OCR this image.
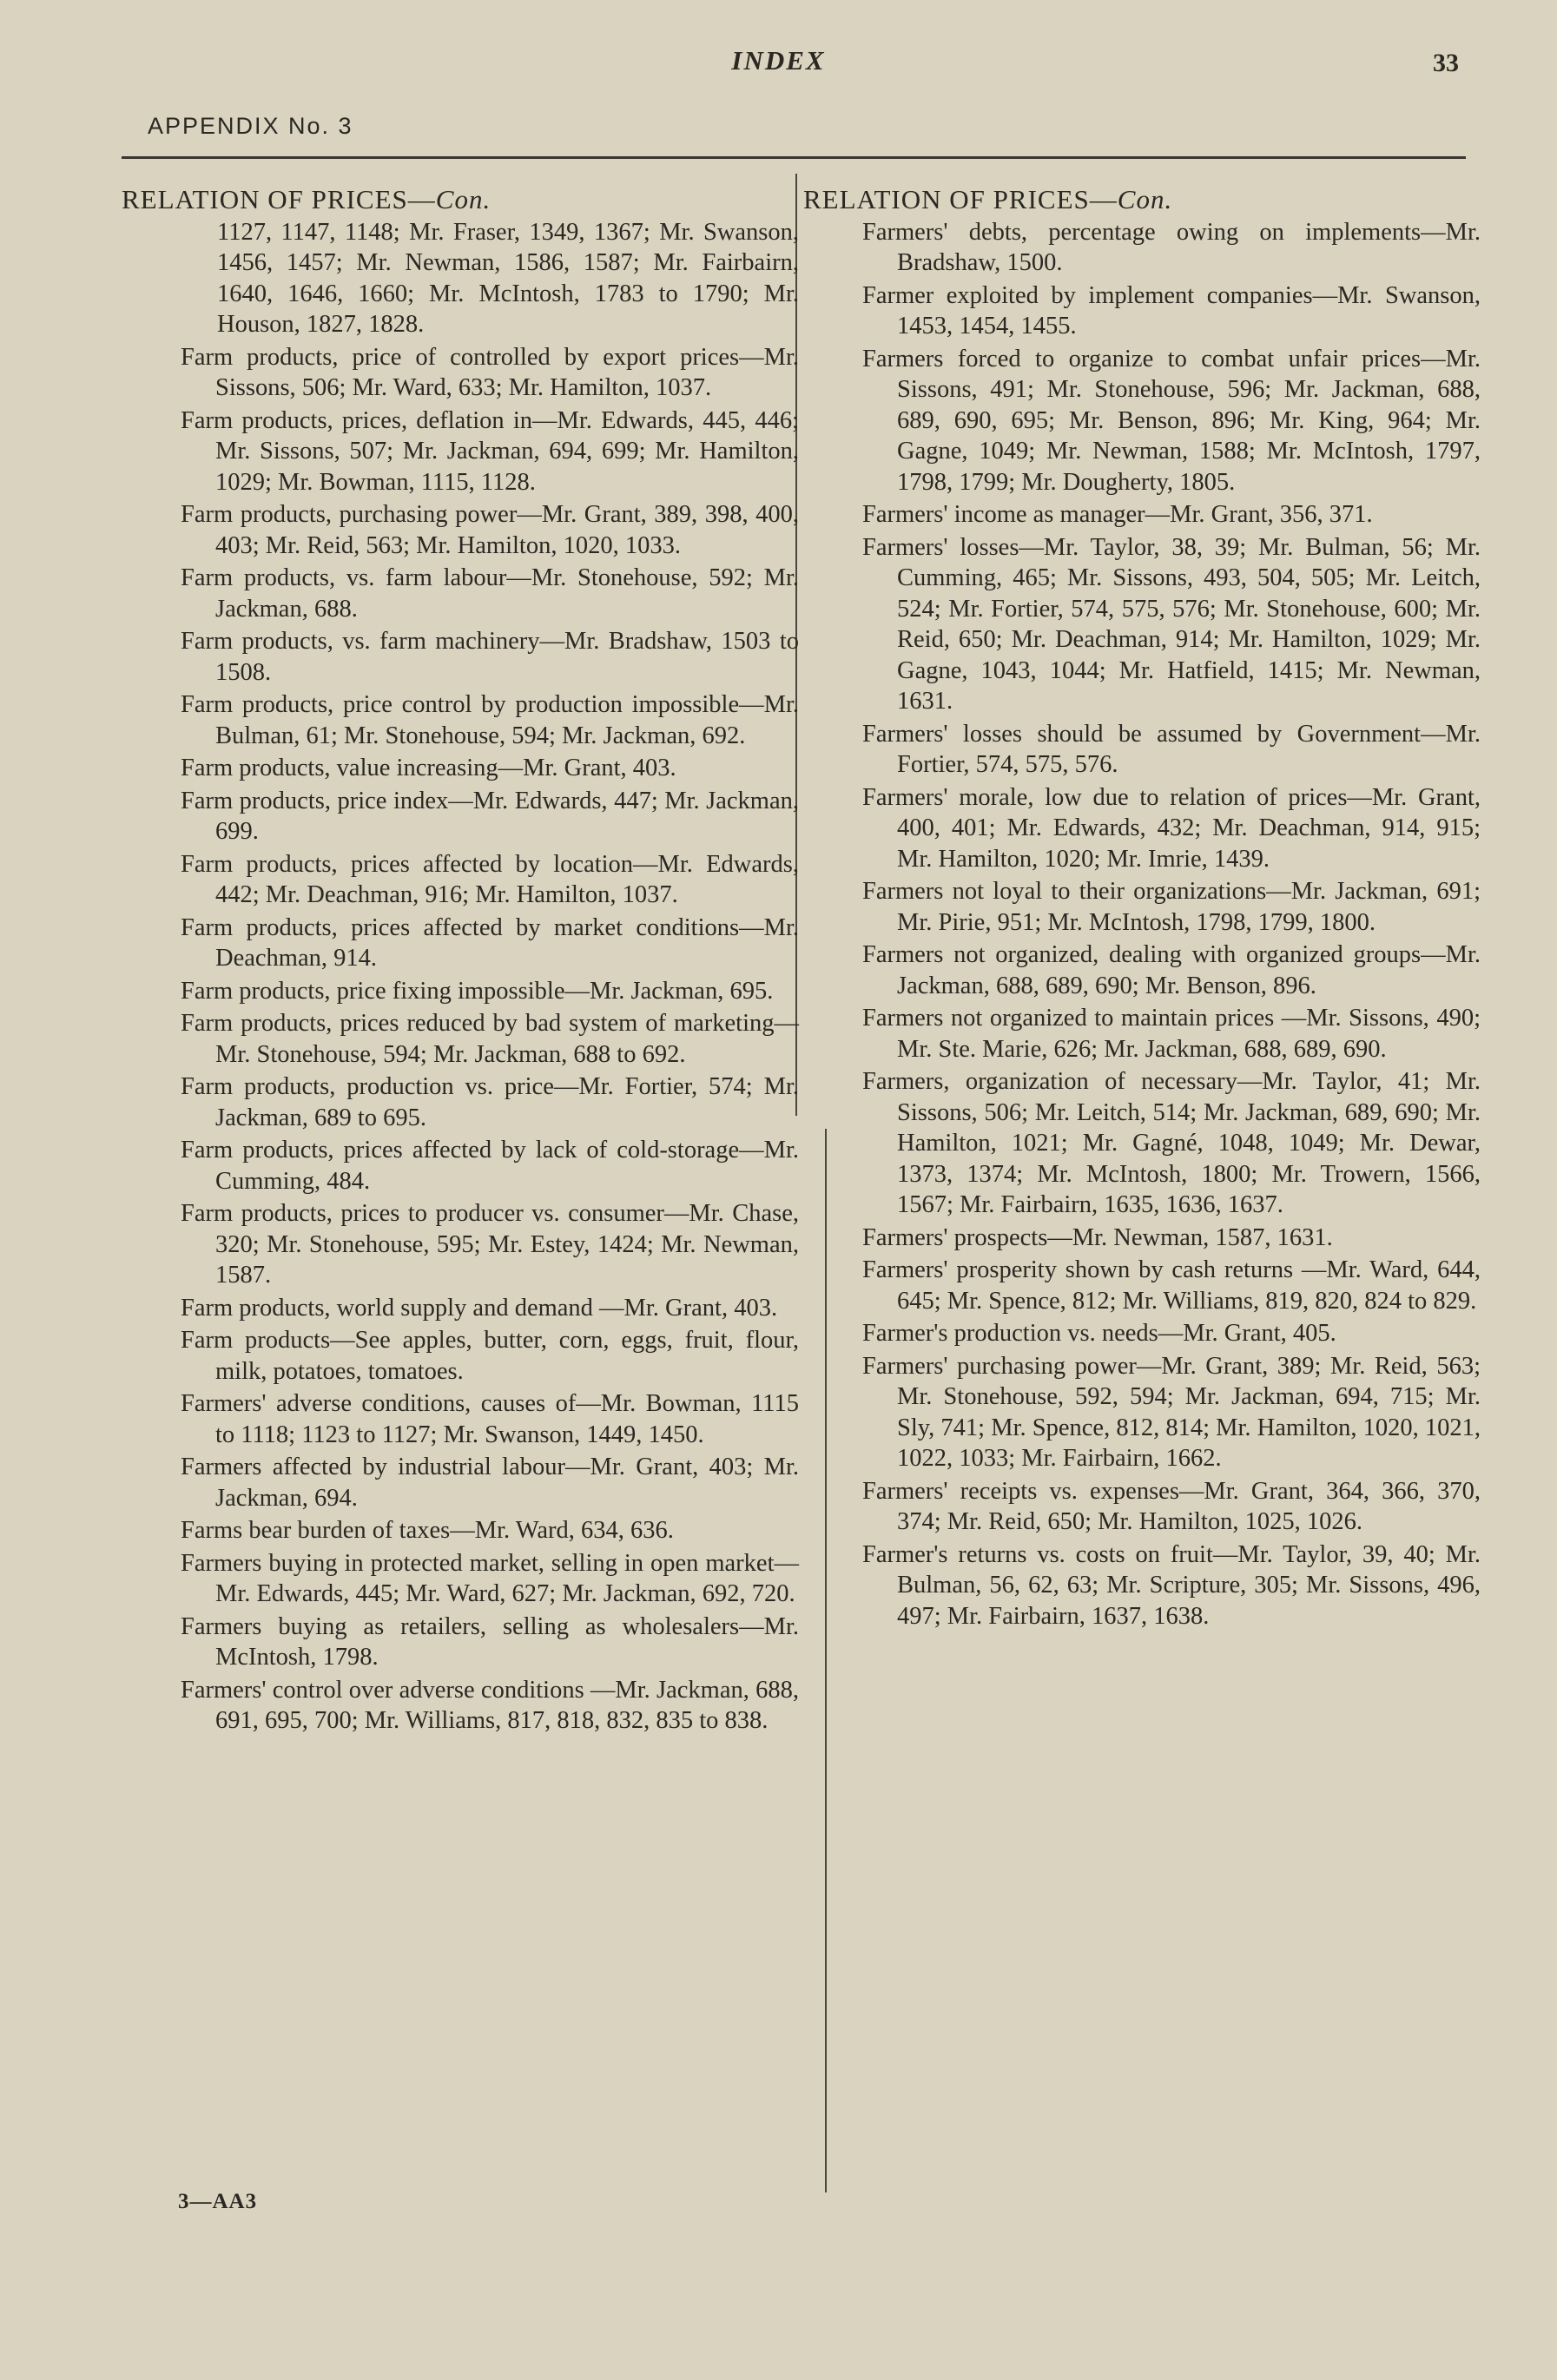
INDEX	33
APPENDIX No. 3
RELATION OF PRICES—Con.
1127, 1147, 1148; Mr. Fraser, 1349, 1367; Mr. Swanson, 1456, 1457; Mr. Newman, 1586, 1587; Mr. Fairbairn, 1640, 1646, 1660; Mr. McIntosh, 1783 to 1790; Mr. Houson, 1827, 1828.
Farm products, price of controlled by export prices—Mr. Sissons, 506; Mr. Ward, 633; Mr. Hamilton, 1037.
Farm products, prices, deflation in—Mr. Edwards, 445, 446; Mr. Sissons, 507; Mr. Jackman, 694, 699; Mr. Hamilton, 1029; Mr. Bowman, 1115, 1128.
Farm products, purchasing power—Mr. Grant, 389, 398, 400, 403; Mr. Reid, 563; Mr. Hamilton, 1020, 1033.
Farm products, vs. farm labour—Mr. Stonehouse, 592; Mr. Jackman, 688.
Farm products, vs. farm machinery—Mr. Bradshaw, 1503 to 1508.
Farm products, price control by production impossible—Mr. Bulman, 61; Mr. Stonehouse, 594; Mr. Jackman, 692.
Farm products, value increasing—Mr. Grant, 403.
Farm products, price index—Mr. Edwards, 447; Mr. Jackman, 699.
Farm products, prices affected by location—Mr. Edwards, 442; Mr. Deachman, 916; Mr. Hamilton, 1037.
Farm products, prices affected by market conditions—Mr. Deachman, 914.
Farm products, price fixing impossible—Mr. Jackman, 695.
Farm products, prices reduced by bad system of marketing—Mr. Stonehouse, 594; Mr. Jackman, 688 to 692.
Farm products, production vs. price—Mr. Fortier, 574; Mr. Jackman, 689 to 695.
Farm products, prices affected by lack of cold-storage—Mr. Cumming, 484.
Farm products, prices to producer vs. consumer—Mr. Chase, 320; Mr. Stonehouse, 595; Mr. Estey, 1424; Mr. Newman, 1587.
Farm products, world supply and demand —Mr. Grant, 403.
Farm products—See apples, butter, corn, eggs, fruit, flour, milk, potatoes, tomatoes.
Farmers' adverse conditions, causes of—Mr. Bowman, 1115 to 1118; 1123 to 1127; Mr. Swanson, 1449, 1450.
Farmers affected by industrial labour—Mr. Grant, 403; Mr. Jackman, 694.
Farms bear burden of taxes—Mr. Ward, 634, 636.
Farmers buying in protected market, selling in open market—Mr. Edwards, 445; Mr. Ward, 627; Mr. Jackman, 692, 720.
Farmers buying as retailers, selling as wholesalers—Mr. McIntosh, 1798.
Farmers' control over adverse conditions —Mr. Jackman, 688, 691, 695, 700; Mr. Williams, 817, 818, 832, 835 to 838.
RELATION OF PRICES—Con.
Farmers' debts, percentage owing on implements—Mr. Bradshaw, 1500.
Farmer exploited by implement companies—Mr. Swanson, 1453, 1454, 1455.
Farmers forced to organize to combat unfair prices—Mr. Sissons, 491; Mr. Stonehouse, 596; Mr. Jackman, 688, 689, 690, 695; Mr. Benson, 896; Mr. King, 964; Mr. Gagne, 1049; Mr. Newman, 1588; Mr. McIntosh, 1797, 1798, 1799; Mr. Dougherty, 1805.
Farmers' income as manager—Mr. Grant, 356, 371.
Farmers' losses—Mr. Taylor, 38, 39; Mr. Bulman, 56; Mr. Cumming, 465; Mr. Sissons, 493, 504, 505; Mr. Leitch, 524; Mr. Fortier, 574, 575, 576; Mr. Stonehouse, 600; Mr. Reid, 650; Mr. Deachman, 914; Mr. Hamilton, 1029; Mr. Gagne, 1043, 1044; Mr. Hatfield, 1415; Mr. Newman, 1631.
Farmers' losses should be assumed by Government—Mr. Fortier, 574, 575, 576.
Farmers' morale, low due to relation of prices—Mr. Grant, 400, 401; Mr. Edwards, 432; Mr. Deachman, 914, 915; Mr. Hamilton, 1020; Mr. Imrie, 1439.
Farmers not loyal to their organizations—Mr. Jackman, 691; Mr. Pirie, 951; Mr. McIntosh, 1798, 1799, 1800.
Farmers not organized, dealing with organized groups—Mr. Jackman, 688, 689, 690; Mr. Benson, 896.
Farmers not organized to maintain prices —Mr. Sissons, 490; Mr. Ste. Marie, 626; Mr. Jackman, 688, 689, 690.
Farmers, organization of necessary—Mr. Taylor, 41; Mr. Sissons, 506; Mr. Leitch, 514; Mr. Jackman, 689, 690; Mr. Hamilton, 1021; Mr. Gagné, 1048, 1049; Mr. Dewar, 1373, 1374; Mr. McIntosh, 1800; Mr. Trowern, 1566, 1567; Mr. Fairbairn, 1635, 1636, 1637.
Farmers' prospects—Mr. Newman, 1587, 1631.
Farmers' prosperity shown by cash returns —Mr. Ward, 644, 645; Mr. Spence, 812; Mr. Williams, 819, 820, 824 to 829.
Farmer's production vs. needs—Mr. Grant, 405.
Farmers' purchasing power—Mr. Grant, 389; Mr. Reid, 563; Mr. Stonehouse, 592, 594; Mr. Jackman, 694, 715; Mr. Sly, 741; Mr. Spence, 812, 814; Mr. Hamilton, 1020, 1021, 1022, 1033; Mr. Fairbairn, 1662.
Farmers' receipts vs. expenses—Mr. Grant, 364, 366, 370, 374; Mr. Reid, 650; Mr. Hamilton, 1025, 1026.
Farmer's returns vs. costs on fruit—Mr. Taylor, 39, 40; Mr. Bulman, 56, 62, 63; Mr. Scripture, 305; Mr. Sissons, 496, 497; Mr. Fairbairn, 1637, 1638.
3—AA3
